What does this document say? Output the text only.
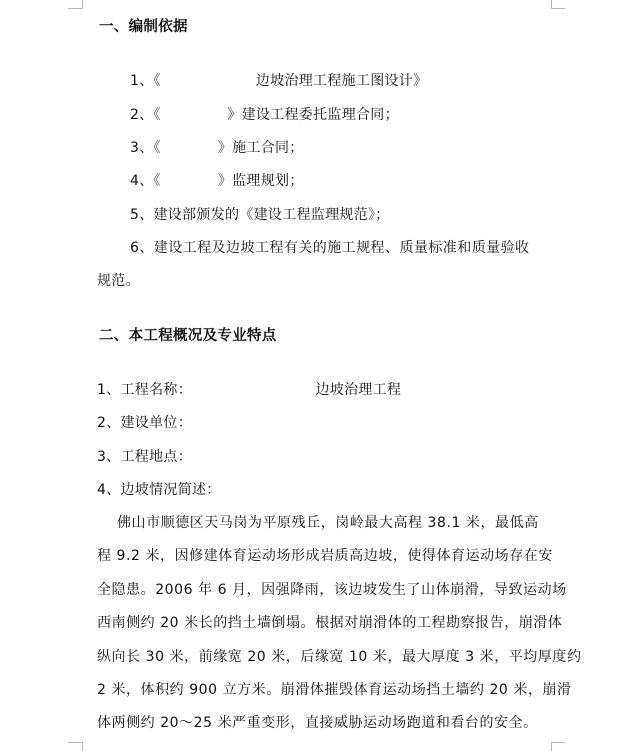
一、编制依据
1、《                    边坡治理工程施工图设计》
2、《              》建设工程委托监理合同；
3、《            》施工合同；
4、《            》监理规划；
5、建设部颁发的《建设工程监理规范》；
6、建设工程及边坡工程有关的施工规程、质量标准和质量验收
规范。
二、本工程概况及专业特点
1、工程名称：                          边坡治理工程
2、建设单位：
3、工程地点：
4、边坡情况简述：
佛山市顺德区天马岗为平原残丘，岗岭最大高程 38.1 米，最低高
程 9.2 米，因修建体育运动场形成岩质高边坡，使得体育运动场存在安
全隐患。2006 年 6 月，因强降雨，该边坡发生了山体崩滑，导致运动场
西南侧约 20 米长的挡土墙倒塌。根据对崩滑体的工程勘察报告，崩滑体
纵向长 30 米，前缘宽 20 米，后缘宽 10 米，最大厚度 3 米，平均厚度约
2 米，体积约 900 立方米。崩滑体摧毁体育运动场挡土墙约 20 米，崩滑
体两侧约 20～25 米严重变形，直接威胁运动场跑道和看台的安全。
